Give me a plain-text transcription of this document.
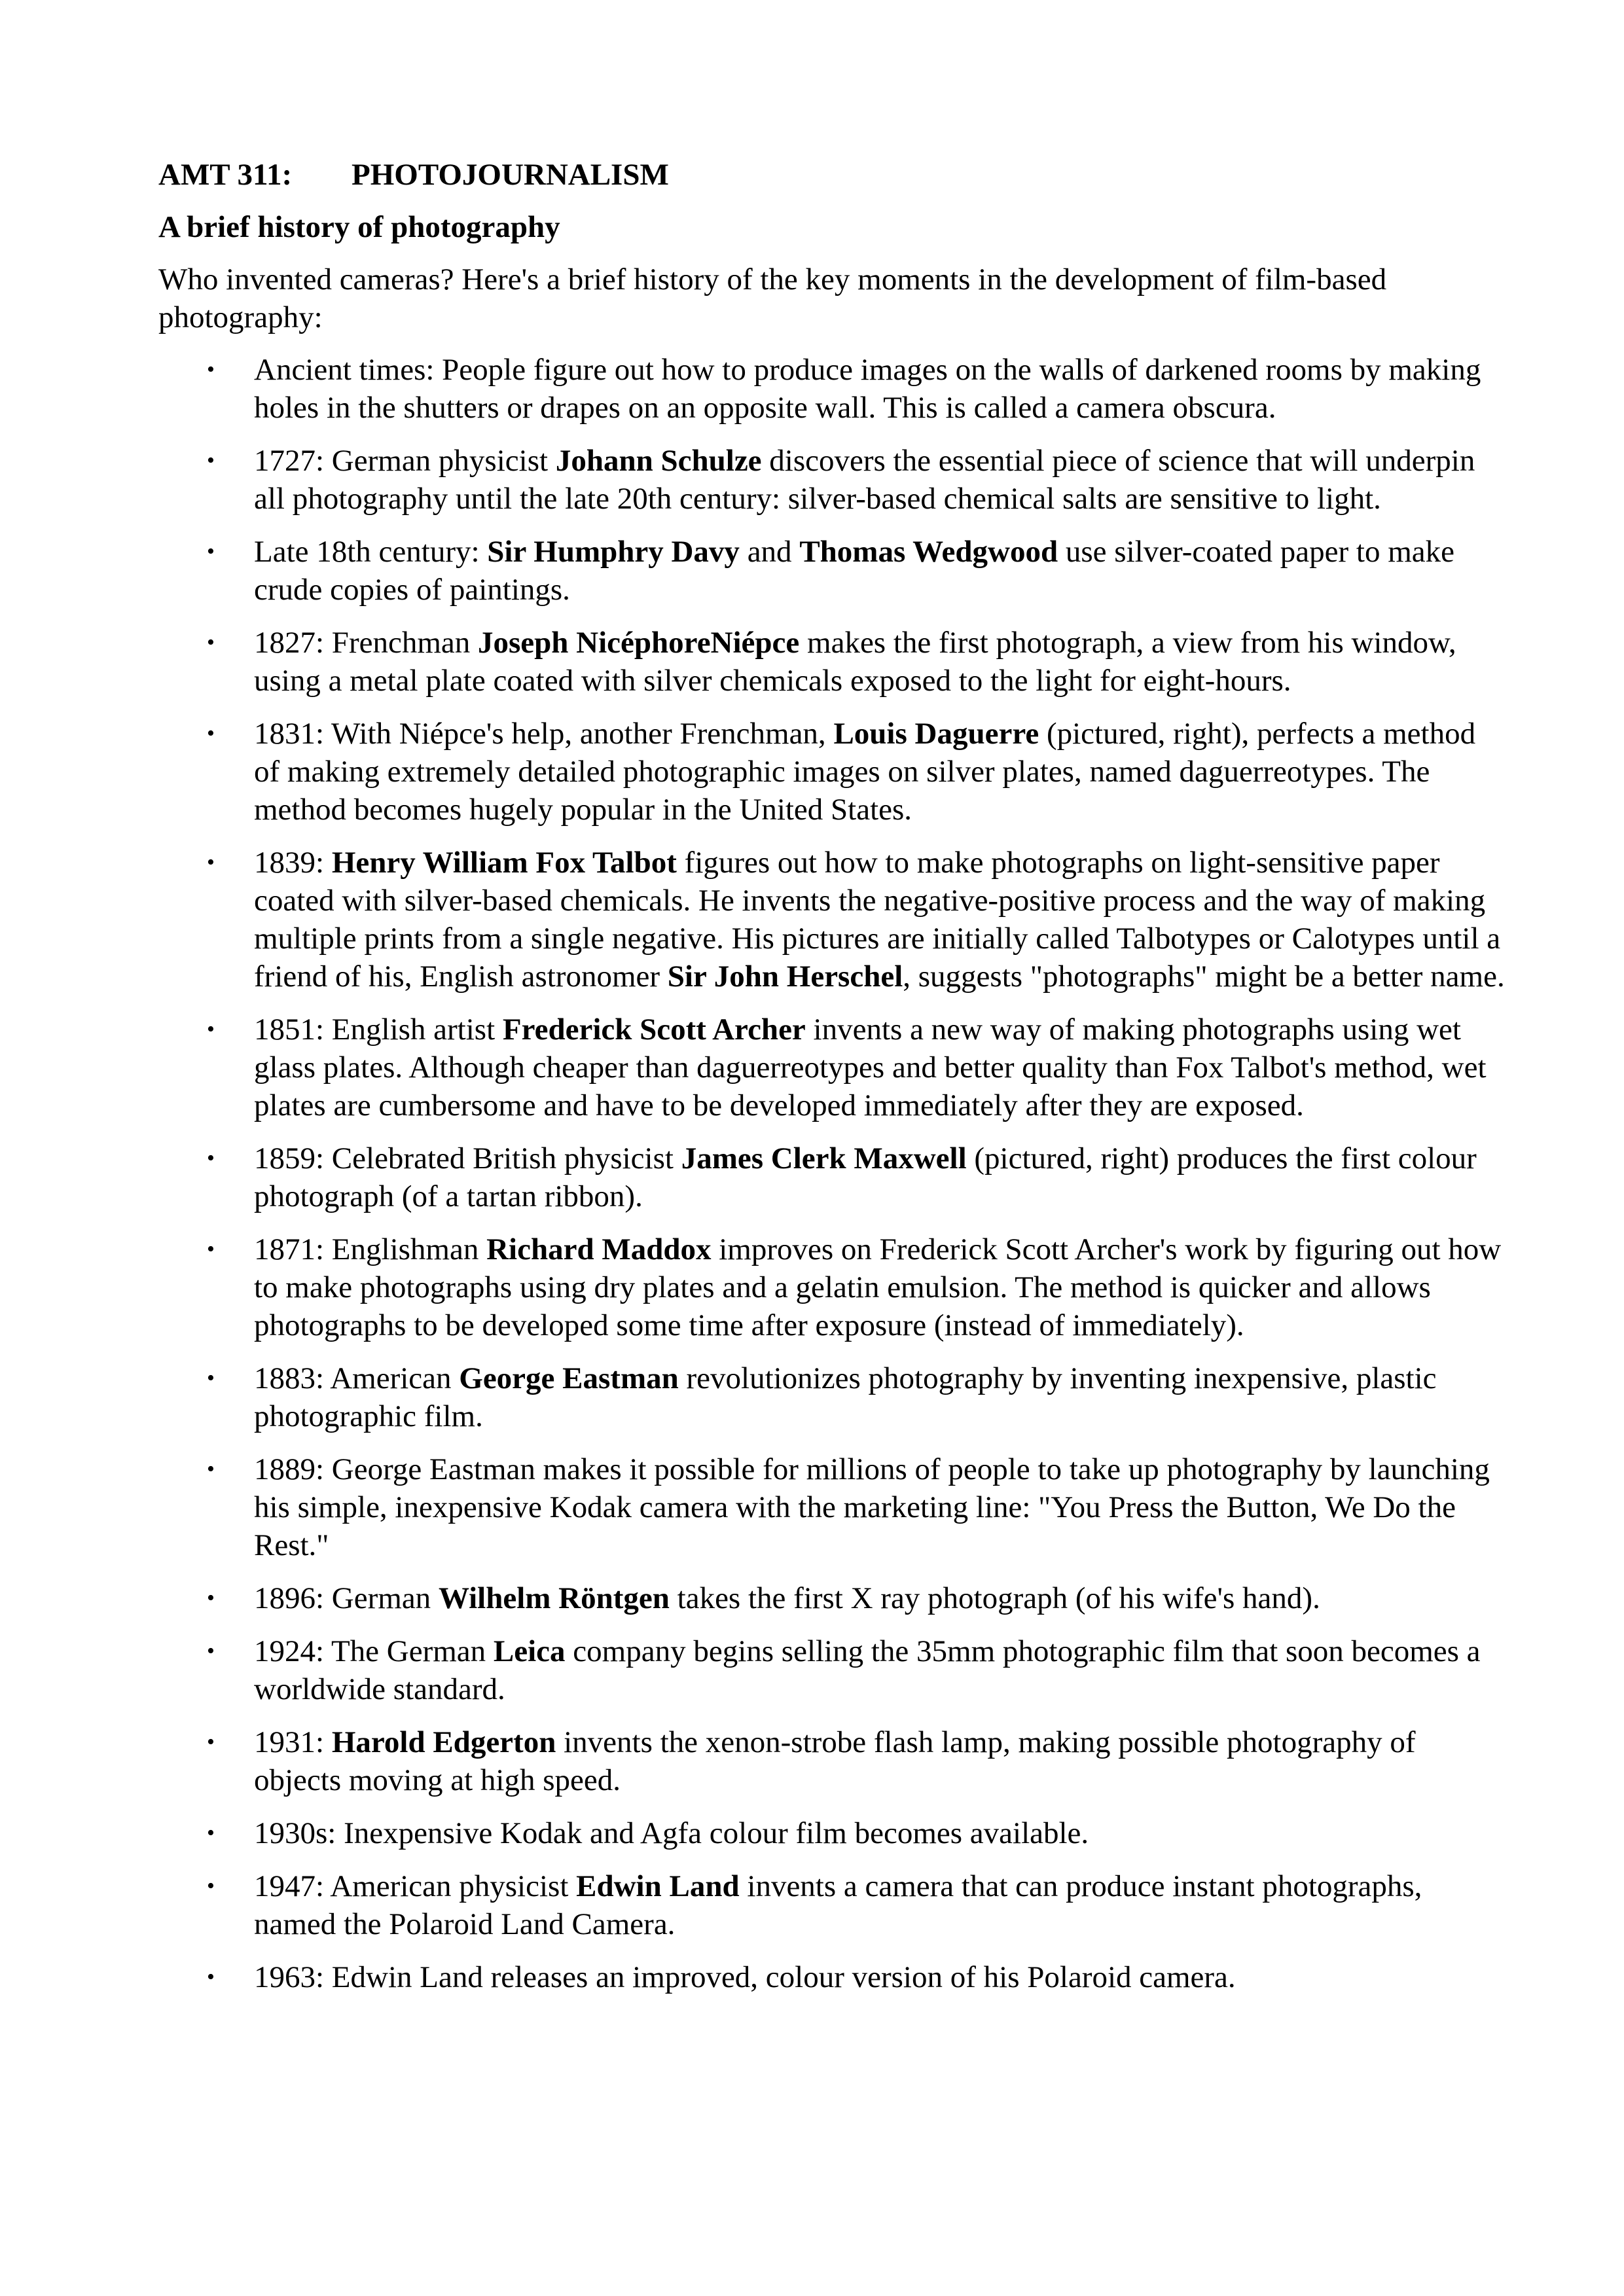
AMT 311: PHOTOJOURNALISM
A brief history of photography

Who invented cameras? Here's a brief history of the key moments in the development of film-based photography:

• Ancient times: People figure out how to produce images on the walls of darkened rooms by making holes in the shutters or drapes on an opposite wall. This is called a camera obscura.
• 1727: German physicist Johann Schulze discovers the essential piece of science that will underpin all photography until the late 20th century: silver-based chemical salts are sensitive to light.
• Late 18th century: Sir Humphry Davy and Thomas Wedgwood use silver-coated paper to make crude copies of paintings.
• 1827: Frenchman Joseph NicéphoreNiépce makes the first photograph, a view from his window, using a metal plate coated with silver chemicals exposed to the light for eight-hours.
• 1831: With Niépce's help, another Frenchman, Louis Daguerre (pictured, right), perfects a method of making extremely detailed photographic images on silver plates, named daguerreotypes. The method becomes hugely popular in the United States.
• 1839: Henry William Fox Talbot figures out how to make photographs on light-sensitive paper coated with silver-based chemicals. He invents the negative-positive process and the way of making multiple prints from a single negative. His pictures are initially called Talbotypes or Calotypes until a friend of his, English astronomer Sir John Herschel, suggests "photographs" might be a better name.
• 1851: English artist Frederick Scott Archer invents a new way of making photographs using wet glass plates. Although cheaper than daguerreotypes and better quality than Fox Talbot's method, wet plates are cumbersome and have to be developed immediately after they are exposed.
• 1859: Celebrated British physicist James Clerk Maxwell (pictured, right) produces the first colour photograph (of a tartan ribbon).
• 1871: Englishman Richard Maddox improves on Frederick Scott Archer's work by figuring out how to make photographs using dry plates and a gelatin emulsion. The method is quicker and allows photographs to be developed some time after exposure (instead of immediately).
• 1883: American George Eastman revolutionizes photography by inventing inexpensive, plastic photographic film.
• 1889: George Eastman makes it possible for millions of people to take up photography by launching his simple, inexpensive Kodak camera with the marketing line: "You Press the Button, We Do the Rest."
• 1896: German Wilhelm Röntgen takes the first X ray photograph (of his wife's hand).
• 1924: The German Leica company begins selling the 35mm photographic film that soon becomes a worldwide standard.
• 1931: Harold Edgerton invents the xenon-strobe flash lamp, making possible photography of objects moving at high speed.
• 1930s: Inexpensive Kodak and Agfa colour film becomes available.
• 1947: American physicist Edwin Land invents a camera that can produce instant photographs, named the Polaroid Land Camera.
• 1963: Edwin Land releases an improved, colour version of his Polaroid camera.
